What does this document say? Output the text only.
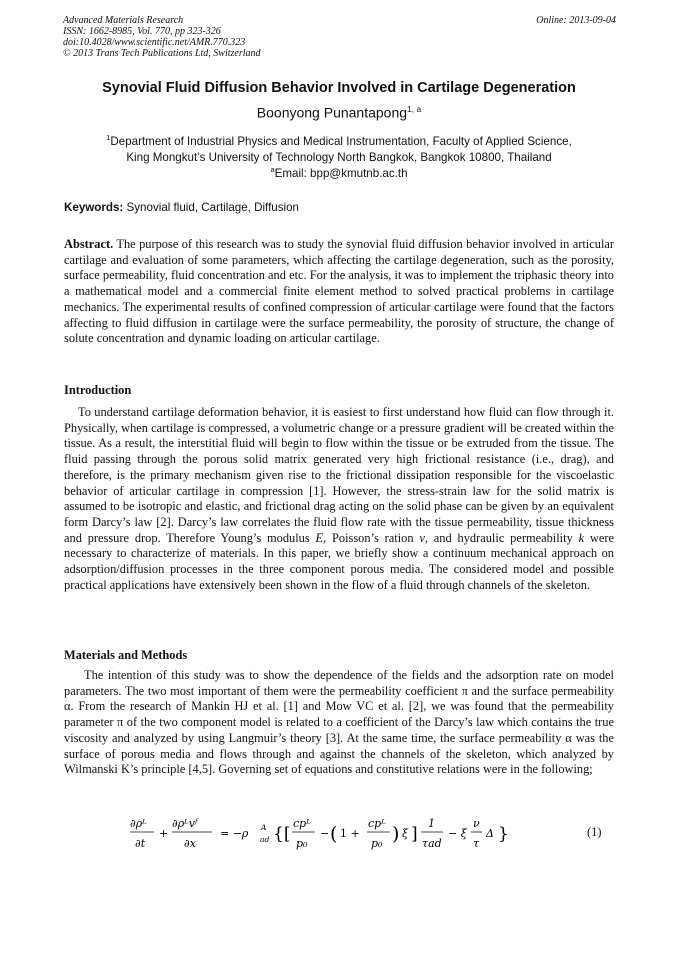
Advanced Materials Research
ISSN: 1662-8985, Vol. 770, pp 323-326
doi:10.4028/www.scientific.net/AMR.770.323
© 2013 Trans Tech Publications Ltd, Switzerland
Online: 2013-09-04
Synovial Fluid Diffusion Behavior Involved in Cartilage Degeneration
Boonyong Punantapong$^{1, a}$
$^1$Department of Industrial Physics and Medical Instrumentation, Faculty of Applied Science,
King Mongkut’s University of Technology North Bangkok, Bangkok 10800, Thailand
$^a$Email: bpp@kmutnb.ac.th
Keywords: Synovial fluid, Cartilage, Diffusion
Abstract. The purpose of this research was to study the synovial fluid diffusion behavior involved in articular cartilage and evaluation of some parameters, which affecting the cartilage degeneration, such as the porosity, surface permeability, fluid concentration and etc. For the analysis, it was to implement the triphasic theory into a mathematical model and a commercial finite element method to solved practical problems in cartilage mechanics. The experimental results of confined compression of articular cartilage were found that the factors affecting to fluid diffusion in cartilage were the surface permeability, the porosity of structure, the change of solute concentration and dynamic loading on articular cartilage.
Introduction
To understand cartilage deformation behavior, it is easiest to first understand how fluid can flow through it. Physically, when cartilage is compressed, a volumetric change or a pressure gradient will be created within the tissue. As a result, the interstitial fluid will begin to flow within the tissue or be extruded from the tissue. The fluid passing through the porous solid matrix generated very high frictional resistance (i.e., drag), and therefore, is the primary mechanism given rise to the frictional dissipation responsible for the viscoelastic behavior of articular cartilage in compression [1]. However, the stress-strain law for the solid matrix is assumed to be isotropic and elastic, and frictional drag acting on the solid phase can be given by an equivalent form Darcy’s law [2]. Darcy’s law correlates the fluid flow rate with the tissue permeability, tissue thickness and pressure drop. Therefore Young’s modulus E, Poisson’s ration ν, and hydraulic permeability k were necessary to characterize of materials. In this paper, we briefly show a continuum mechanical approach on adsorption/diffusion processes in the three component porous media. The considered model and possible practical applications have extensively been shown in the flow of a fluid through channels of the skeleton.
Materials and Methods
The intention of this study was to show the dependence of the fields and the adsorption rate on model parameters. The two most important of them were the permeability coefficient π and the surface permeability α. From the research of Mankin HJ et al. [1] and Mow VC et al. [2], we was found that the permeability parameter π of the two component model is related to a coefficient of the Darcy’s law which contains the true viscosity and analyzed by using Langmuir’s theory [3]. At the same time, the surface permeability α was the surface of porous media and flows through and against the channels of the skeleton, which analyzed by Wilmanski K’s principle [4,5]. Governing set of equations and constitutive relations were in the following;
∂ρᴸ
∂t
+
∂ρᴸvᶠ
∂x
= −ρ A
ad {[
cpᴸ
p₀
− ( 1 +
cpᴸ
p₀ ) ξ ]
1
τad
− ξ
ν
τ
Δ }	(1)
